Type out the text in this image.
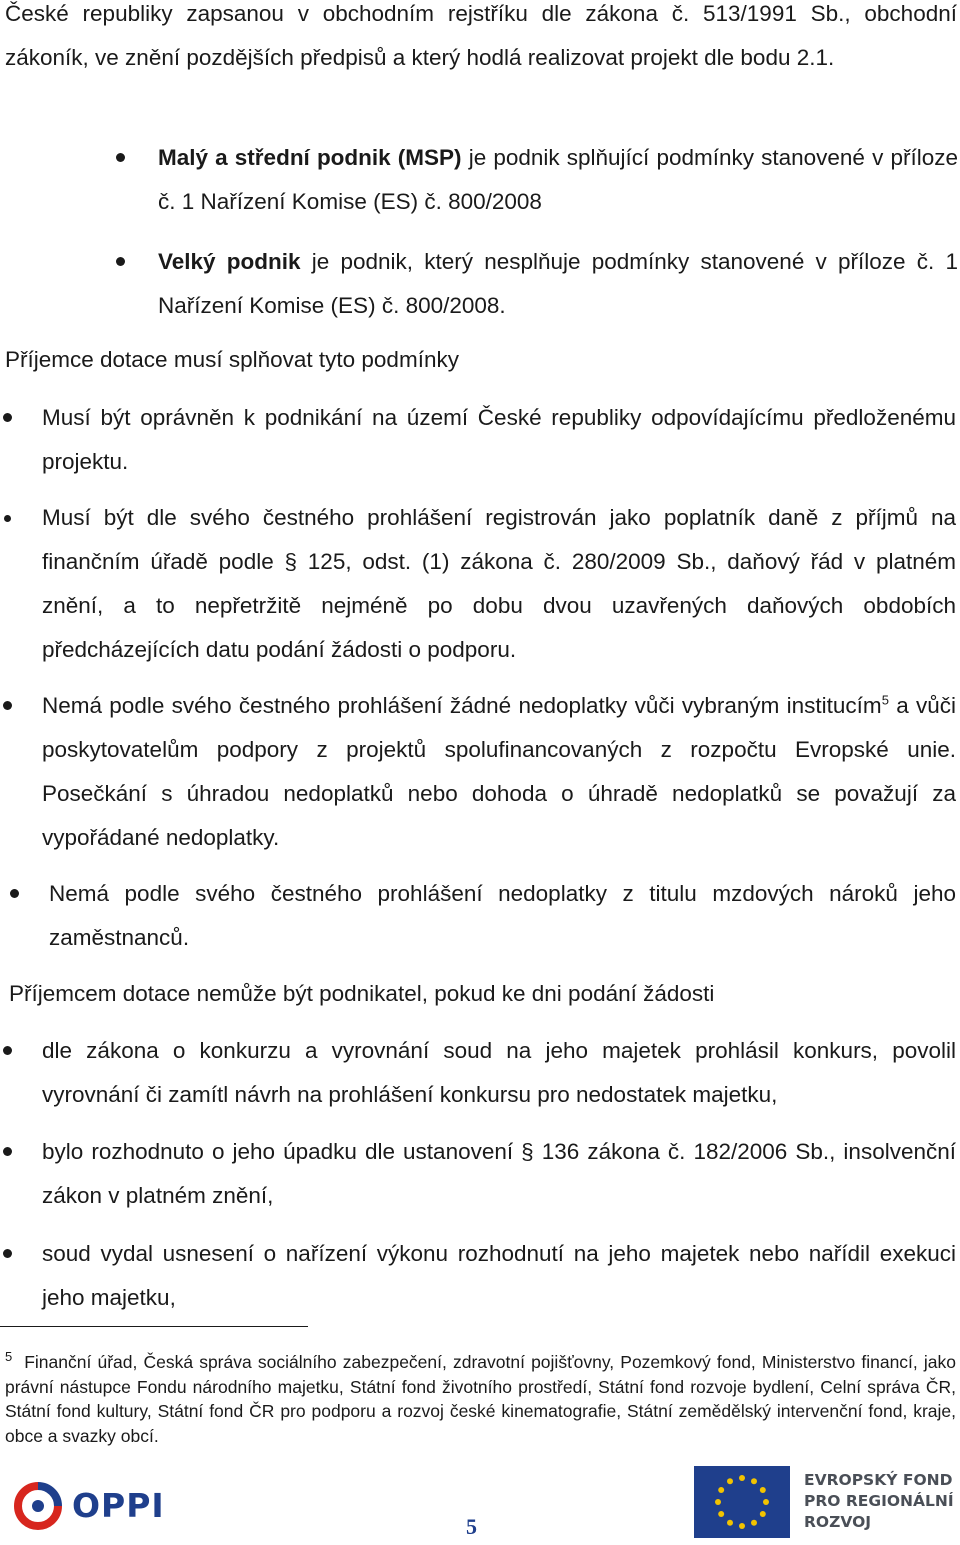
České republiky zapsanou v obchodním rejstříku dle zákona č. 513/1991 Sb., obchodní zákoník, ve znění pozdějších předpisů a který hodlá realizovat projekt dle bodu 2.1.
Malý a střední podnik (MSP) je podnik splňující podmínky stanovené v příloze č. 1 Nařízení Komise (ES) č. 800/2008
Velký podnik je podnik, který nesplňuje podmínky stanovené v příloze č. 1 Nařízení Komise (ES) č. 800/2008.
Příjemce dotace musí splňovat tyto podmínky
Musí být oprávněn k podnikání na území České republiky odpovídajícímu předloženému projektu.
Musí být dle svého čestného prohlášení registrován jako poplatník daně z příjmů na finančním úřadě podle § 125, odst. (1) zákona č. 280/2009 Sb., daňový řád v platném znění, a to nepřetržitě nejméně po dobu dvou uzavřených daňových obdobích předcházejících datu podání žádosti o podporu.
Nemá podle svého čestného prohlášení žádné nedoplatky vůči vybraným institucím$^5$ a vůči poskytovatelům podpory z projektů spolufinancovaných z rozpočtu Evropské unie. Posečkání s úhradou nedoplatků nebo dohoda o úhradě nedoplatků se považují za vypořádané nedoplatky.
Nemá podle svého čestného prohlášení nedoplatky z titulu mzdových nároků jeho zaměstnanců.
Příjemcem dotace nemůže být podnikatel, pokud ke dni podání žádosti
dle zákona o konkurzu a vyrovnání soud na jeho majetek prohlásil konkurs, povolil vyrovnání či zamítl návrh na prohlášení konkursu pro nedostatek majetku,
bylo rozhodnuto o jeho úpadku dle ustanovení § 136 zákona č. 182/2006 Sb., insolvenční zákon v platném znění,
soud vydal usnesení o nařízení výkonu rozhodnutí na jeho majetek nebo nařídil exekuci jeho majetku,
$^5$ Finanční úřad, Česká správa sociálního zabezpečení, zdravotní pojišťovny, Pozemkový fond, Ministerstvo financí, jako právní nástupce Fondu národního majetku, Státní fond životního prostředí, Státní fond rozvoje bydlení, Celní správa ČR, Státní fond kultury, Státní fond ČR pro podporu a rozvoj české kinematografie, Státní zemědělský intervenční fond, kraje, obce a svazky obcí.
OPPI
5
EVROPSKÝ FOND
PRO REGIONÁLNÍ
ROZVOJ
